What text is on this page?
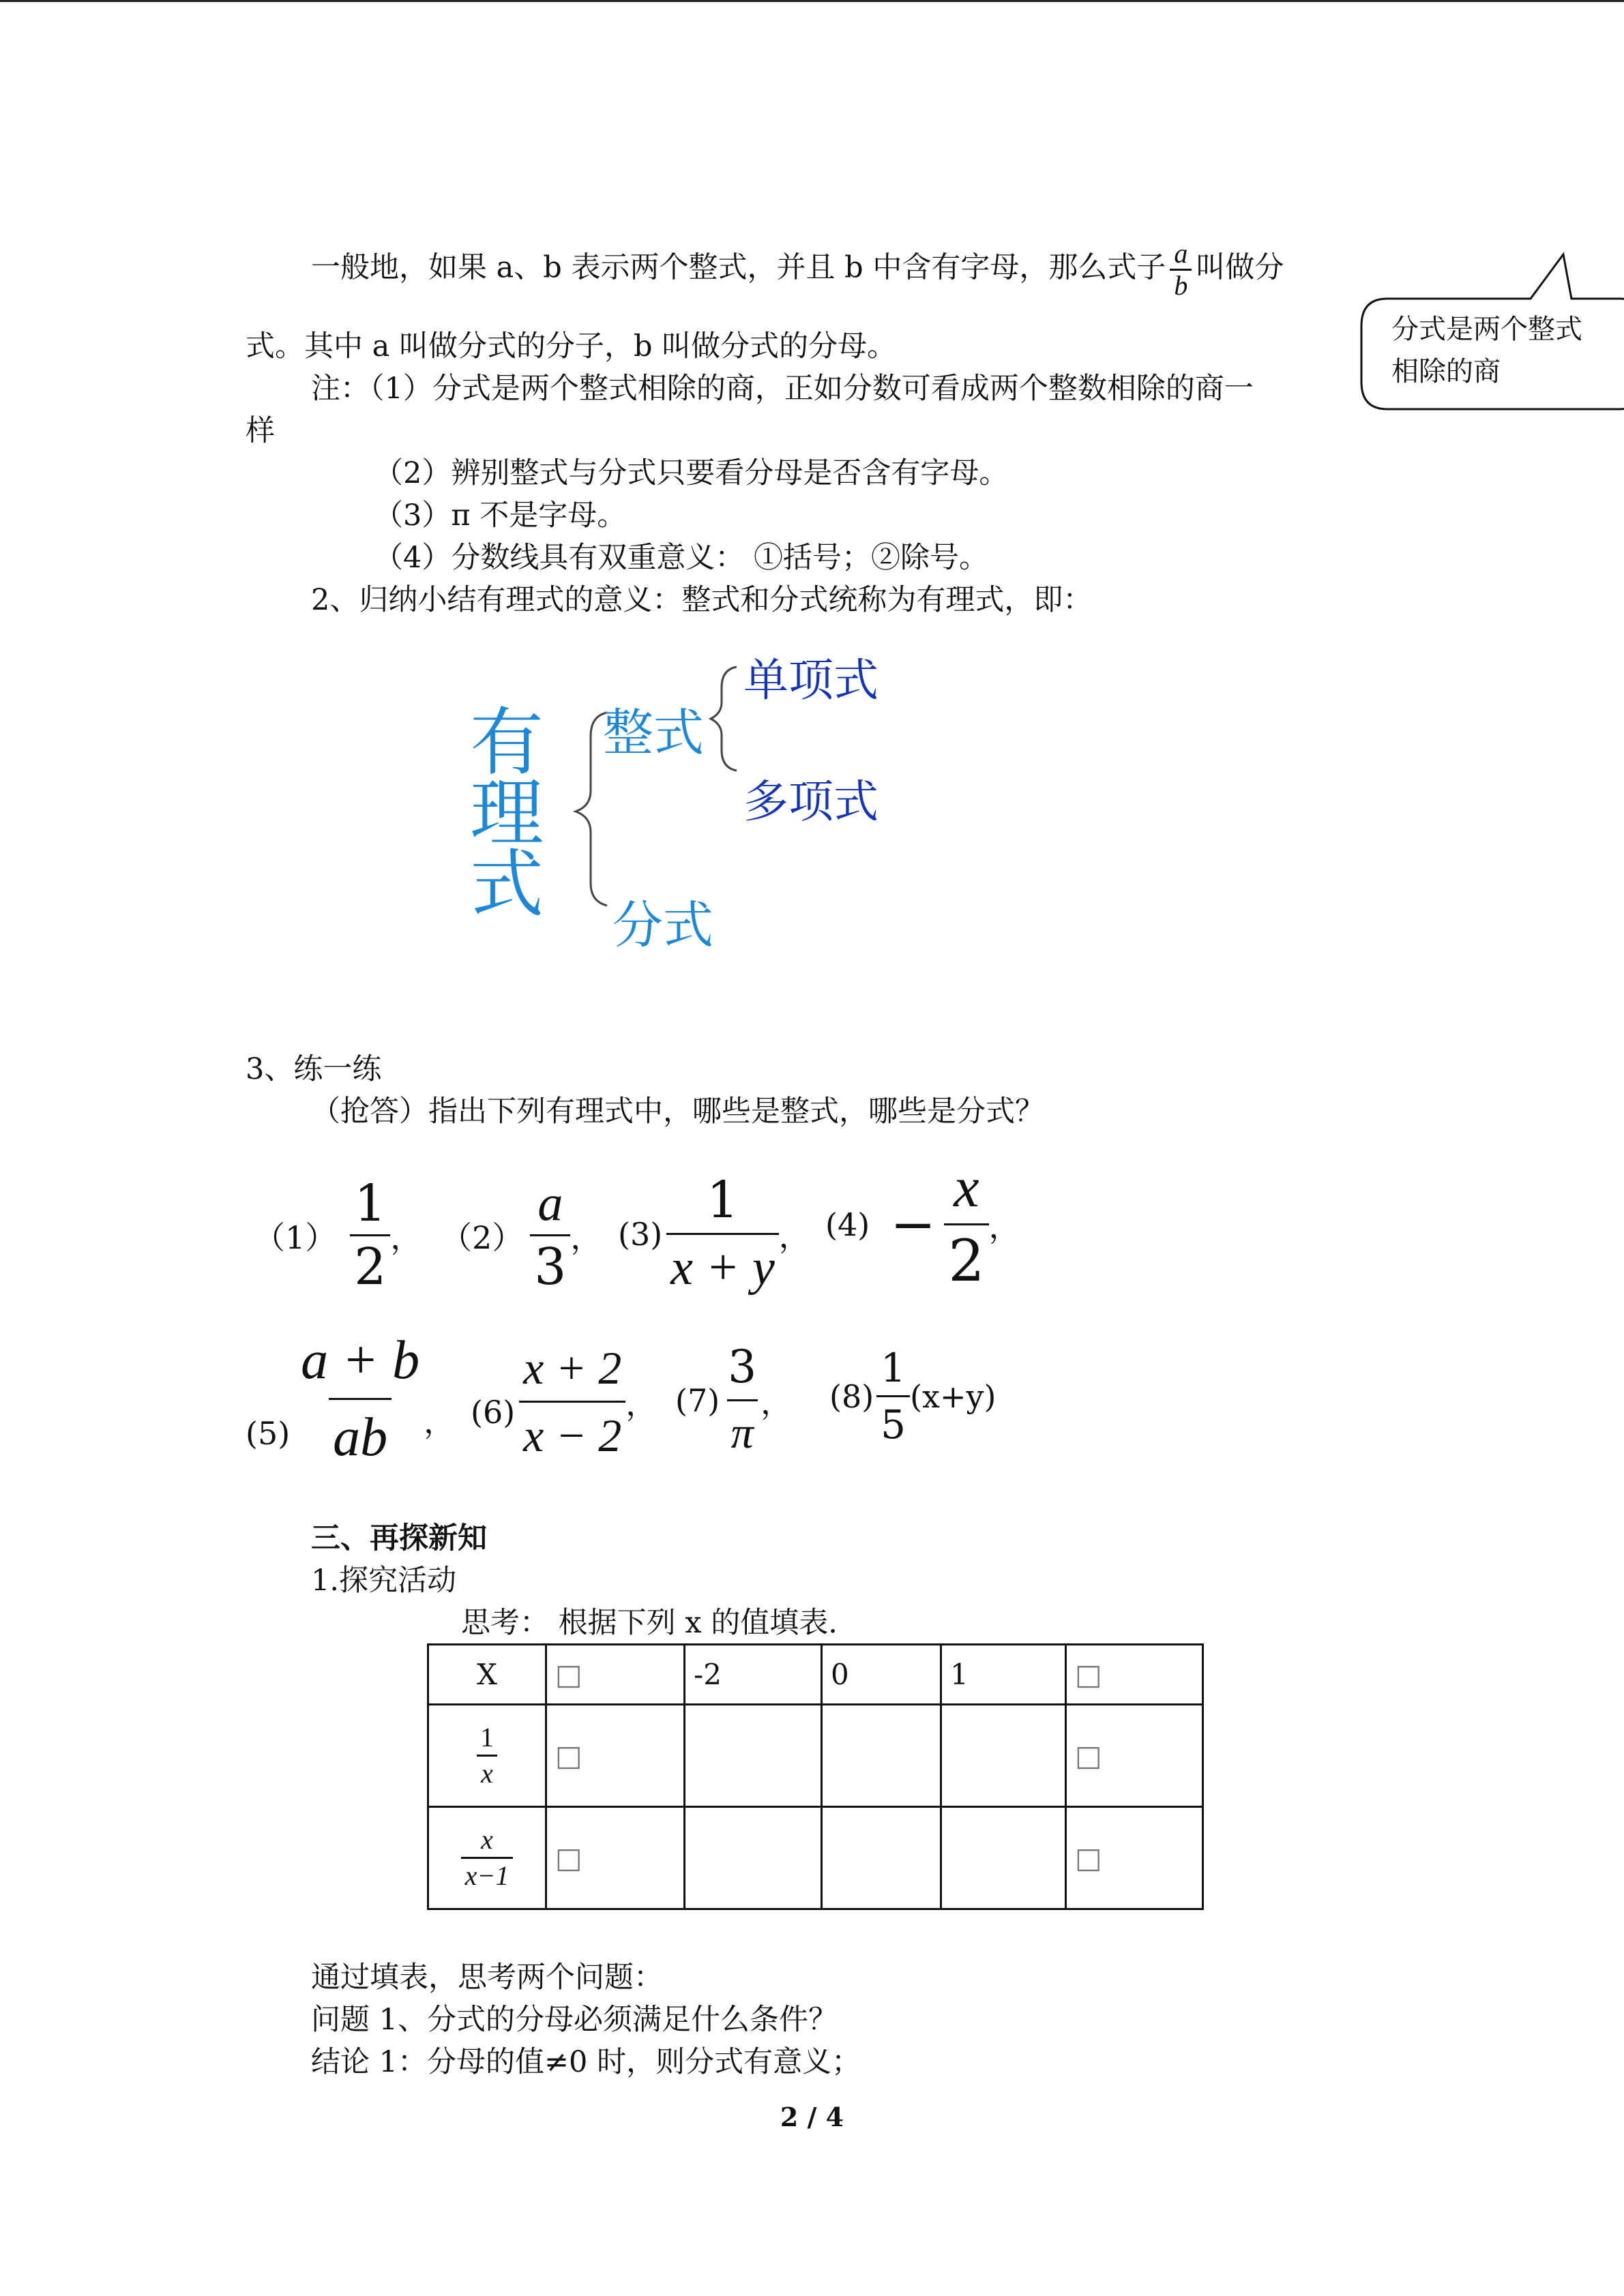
一般地，如果 a、b 表示两个整式，并且 b 中含有字母，那么式子 $\frac{a}{b}$ 叫做分
式。其中 a 叫做分式的分子，b 叫做分式的分母。
注：（1）分式是两个整式相除的商，正如分数可看成两个整数相除的商一
样
（2）辨别整式与分式只要看分母是否含有字母。
（3）π 不是字母。
（4）分数线具有双重意义： ①括号；②除号。
2、归纳小结有理式的意义：整式和分式统称为有理式，即：
分式是两个整式相除的商
有理式
整式
单项式
多项式
分式
3、练一练
（抢答）指出下列有理式中，哪些是整式，哪些是分式？
$(1) \frac{1}{2}$ ， $(2) \frac{a}{3}$ ， $(3) \frac{1}{x + y}$ ， $(4) - \frac{x}{2}$ ，
$(5) \frac{a + b}{ab}$ ， $(6) \frac{x + 2}{x - 2}$ ， $(7) \frac{3}{\pi}$ ， $(8) \frac{1}{5} (x+y)$
三、再探新知
1.探究活动
思考： 根据下列 x 的值填表.
X	□	-2	0	1	□

$\frac{1}{x}$	□				□

$\frac{x}{x-1}$	□				□
通过填表，思考两个问题：
问题 1、分式的分母必须满足什么条件？
结论 1：分母的值≠0 时，则分式有意义；
2 / 4
